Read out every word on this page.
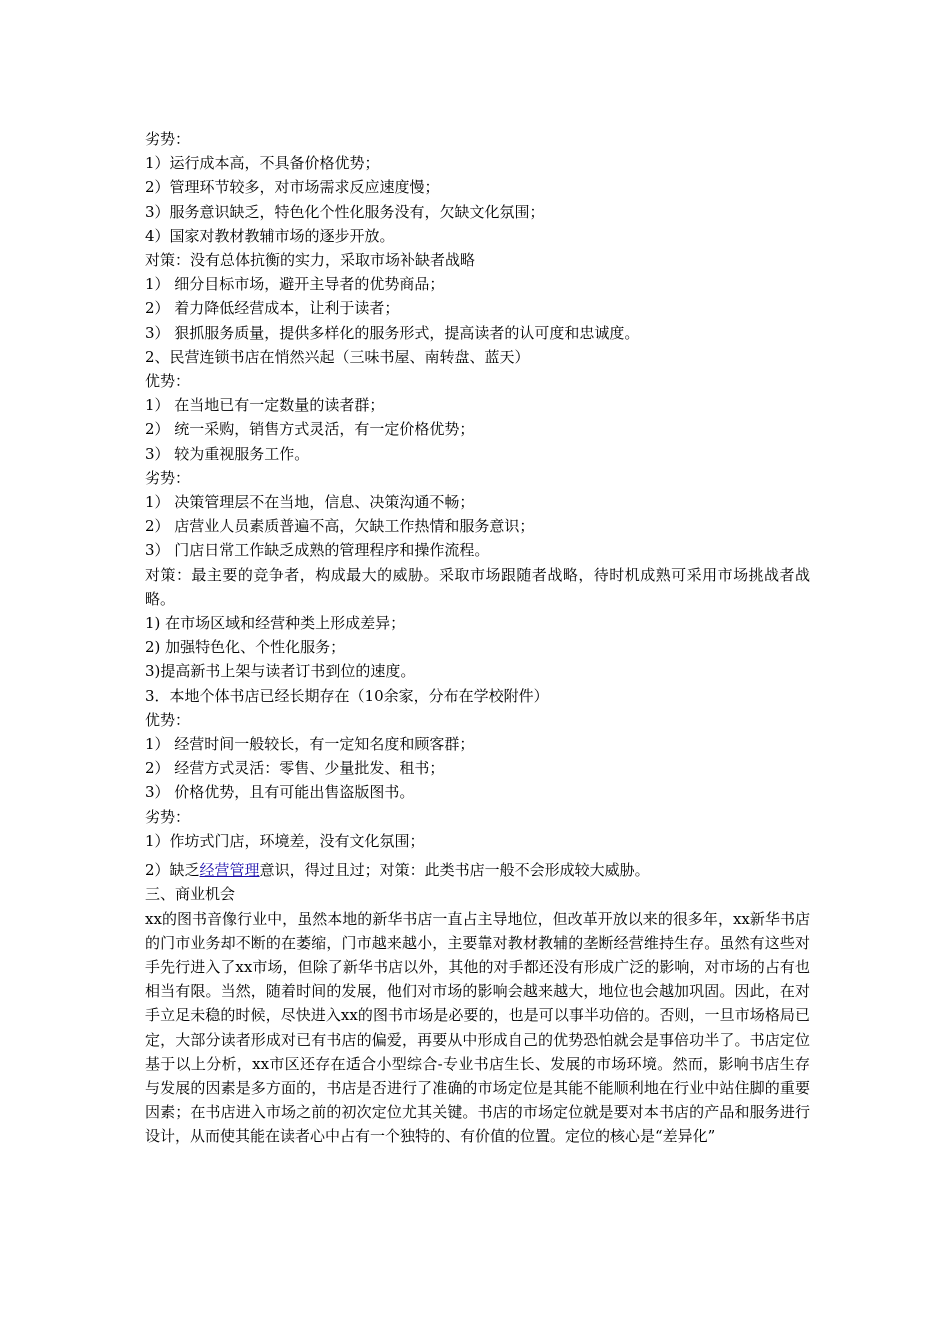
劣势：
1）运行成本高，不具备价格优势；
2）管理环节较多，对市场需求反应速度慢；
3）服务意识缺乏，特色化个性化服务没有，欠缺文化氛围；
4）国家对教材教辅市场的逐步开放。
对策：没有总体抗衡的实力，采取市场补缺者战略
1） 细分目标市场，避开主导者的优势商品；
2） 着力降低经营成本，让利于读者；
3） 狠抓服务质量，提供多样化的服务形式，提高读者的认可度和忠诚度。
2、民营连锁书店在悄然兴起（三味书屋、南转盘、蓝天）
优势：
1） 在当地已有一定数量的读者群；
2） 统一采购，销售方式灵活，有一定价格优势；
3） 较为重视服务工作。
劣势：
1） 决策管理层不在当地，信息、决策沟通不畅；
2） 店营业人员素质普遍不高，欠缺工作热情和服务意识；
3） 门店日常工作缺乏成熟的管理程序和操作流程。

对策：最主要的竞争者，构成最大的威胁。采取市场跟随者战略，待时机成熟可采用市场挑战者战略。

1) 在市场区域和经营种类上形成差异；
2) 加强特色化、个性化服务；
3)提高新书上架与读者订书到位的速度。
3．本地个体书店已经长期存在（10余家，分布在学校附件）
优势：
1） 经营时间一般较长，有一定知名度和顾客群；
2） 经营方式灵活：零售、少量批发、租书；
3） 价格优势，且有可能出售盗版图书。
劣势：
1）作坊式门店，环境差，没有文化氛围；
2）缺乏经营管理意识，得过且过；对策：此类书店一般不会形成较大威胁。
三、商业机会

xx的图书音像行业中，虽然本地的新华书店一直占主导地位，但改革开放以来的很多年，xx新华书店的门市业务却不断的在萎缩，门市越来越小，主要靠对教材教辅的垄断经营维持生存。虽然有这些对手先行进入了xx市场，但除了新华书店以外，其他的对手都还没有形成广泛的影响，对市场的占有也相当有限。当然，随着时间的发展，他们对市场的影响会越来越大，地位也会越加巩固。因此，在对手立足未稳的时候，尽快进入xx的图书市场是必要的，也是可以事半功倍的。否则，一旦市场格局已定，大部分读者形成对已有书店的偏爱，再要从中形成自己的优势恐怕就会是事倍功半了。书店定位基于以上分析，xx市区还存在适合小型综合-专业书店生长、发展的市场环境。然而，影响书店生存与发展的因素是多方面的，书店是否进行了准确的市场定位是其能不能顺利地在行业中站住脚的重要因素；在书店进入市场之前的初次定位尤其关键。书店的市场定位就是要对本书店的产品和服务进行设计，从而使其能在读者心中占有一个独特的、有价值的位置。定位的核心是“差异化”
